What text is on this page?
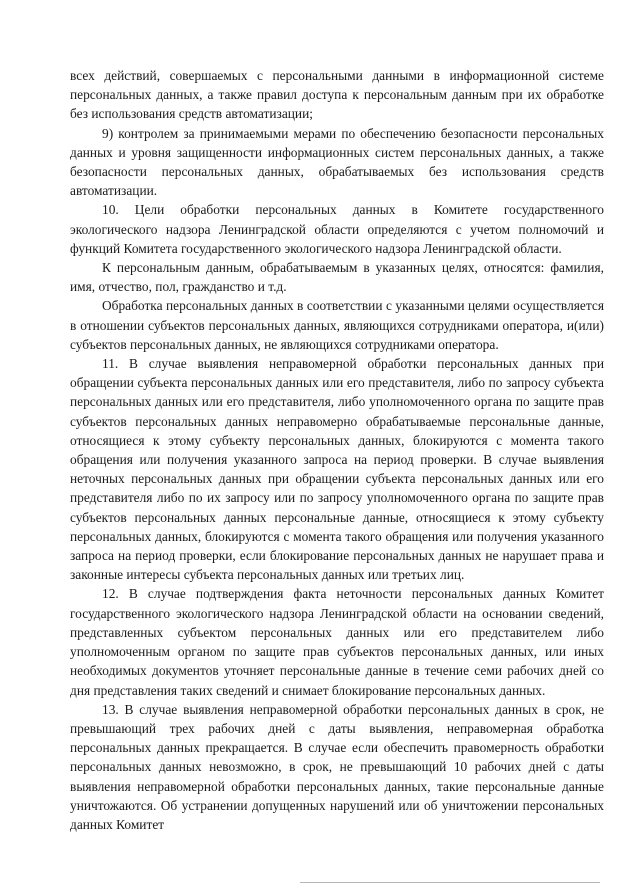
всех действий, совершаемых с персональными данными в информационной системе персональных данных, а также правил доступа к персональным данным при их обработке без использования средств автоматизации;

9) контролем за принимаемыми мерами по обеспечению безопасности персональных данных и уровня защищенности информационных систем персональных данных, а также безопасности персональных данных, обрабатываемых без использования средств автоматизации.

10. Цели обработки персональных данных в Комитете государственного экологического надзора Ленинградской области определяются с учетом полномочий и функций Комитета государственного экологического надзора Ленинградской области.

К персональным данным, обрабатываемым в указанных целях, относятся: фамилия, имя, отчество, пол, гражданство и т.д.

Обработка персональных данных в соответствии с указанными целями осуществляется в отношении субъектов персональных данных, являющихся сотрудниками оператора, и(или) субъектов персональных данных, не являющихся сотрудниками оператора.

11. В случае выявления неправомерной обработки персональных данных при обращении субъекта персональных данных или его представителя, либо по запросу субъекта персональных данных или его представителя, либо уполномоченного органа по защите прав субъектов персональных данных неправомерно обрабатываемые персональные данные, относящиеся к этому субъекту персональных данных, блокируются с момента такого обращения или получения указанного запроса на период проверки. В случае выявления неточных персональных данных при обращении субъекта персональных данных или его представителя либо по их запросу или по запросу уполномоченного органа по защите прав субъектов персональных данных персональные данные, относящиеся к этому субъекту персональных данных, блокируются с момента такого обращения или получения указанного запроса на период проверки, если блокирование персональных данных не нарушает права и законные интересы субъекта персональных данных или третьих лиц.

12. В случае подтверждения факта неточности персональных данных Комитет государственного экологического надзора Ленинградской области на основании сведений, представленных субъектом персональных данных или его представителем либо уполномоченным органом по защите прав субъектов персональных данных, или иных необходимых документов уточняет персональные данные в течение семи рабочих дней со дня представления таких сведений и снимает блокирование персональных данных.

13. В случае выявления неправомерной обработки персональных данных в срок, не превышающий трех рабочих дней с даты выявления, неправомерная обработка персональных данных прекращается. В случае если обеспечить правомерность обработки персональных данных невозможно, в срок, не превышающий 10 рабочих дней с даты выявления неправомерной обработки персональных данных, такие персональные данные уничтожаются. Об устранении допущенных нарушений или об уничтожении персональных данных Комитет
